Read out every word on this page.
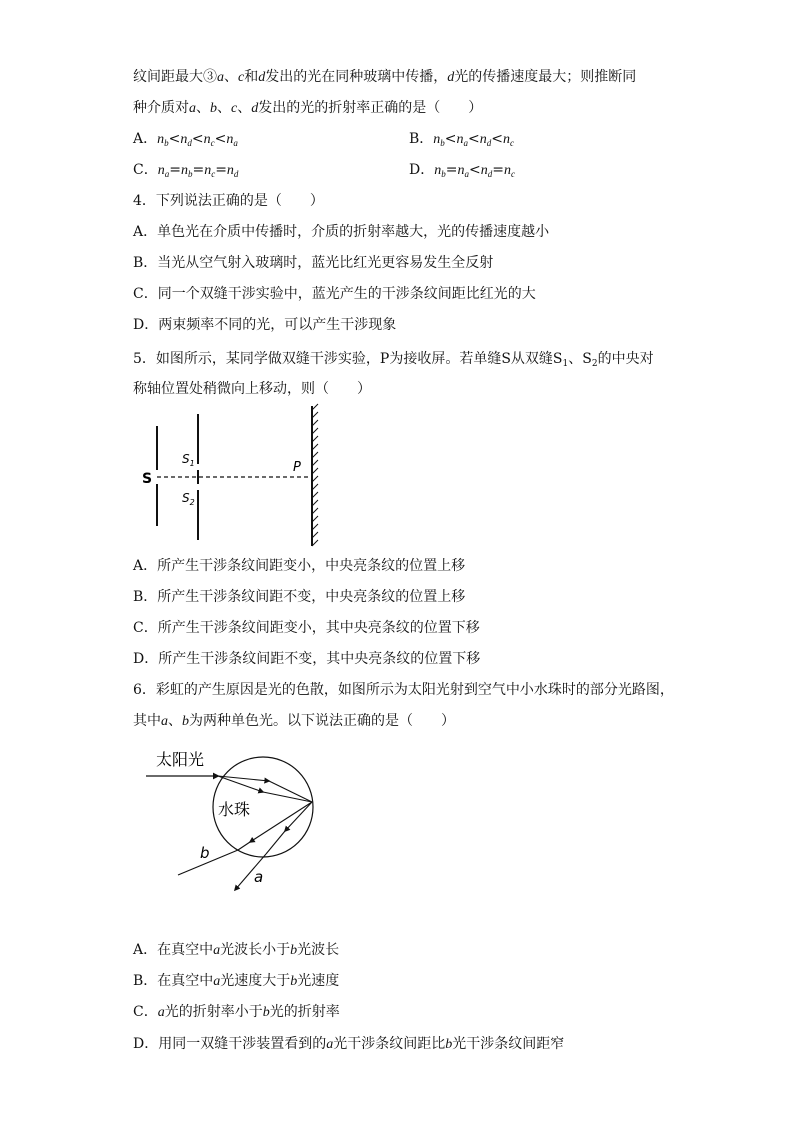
纹间距最大③a、c和d发出的光在同种玻璃中传播，d光的传播速度最大；则推断同
种介质对a、b、c、d发出的光的折射率正确的是（　　）
A．$n_b<n_d<n_c<n_a$	B．$n_b<n_a<n_d<n_c$
C．$n_a=n_b=n_c=n_d$	D．$n_b=n_a<n_d=n_c$
4．下列说法正确的是（　　）
A．单色光在介质中传播时，介质的折射率越大，光的传播速度越小
B．当光从空气射入玻璃时，蓝光比红光更容易发生全反射
C．同一个双缝干涉实验中，蓝光产生的干涉条纹间距比红光的大
D．两束频率不同的光，可以产生干涉现象
5．如图所示，某同学做双缝干涉实验，P为接收屏。若单缝S从双缝$S_1$、$S_2$的中央对
称轴位置处稍微向上移动，则（　　）
S
$S_1$
$S_2$
P
A．所产生干涉条纹间距变小，中央亮条纹的位置上移
B．所产生干涉条纹间距不变，中央亮条纹的位置上移
C．所产生干涉条纹间距变小，其中央亮条纹的位置下移
D．所产生干涉条纹间距不变，其中央亮条纹的位置下移
6．彩虹的产生原因是光的色散，如图所示为太阳光射到空气中小水珠时的部分光路图，
其中a、b为两种单色光。以下说法正确的是（　　）
水珠
太阳光
b
a
A．在真空中a光波长小于b光波长
B．在真空中a光速度大于b光速度
C．a光的折射率小于b光的折射率
D．用同一双缝干涉装置看到的a光干涉条纹间距比b光干涉条纹间距窄
